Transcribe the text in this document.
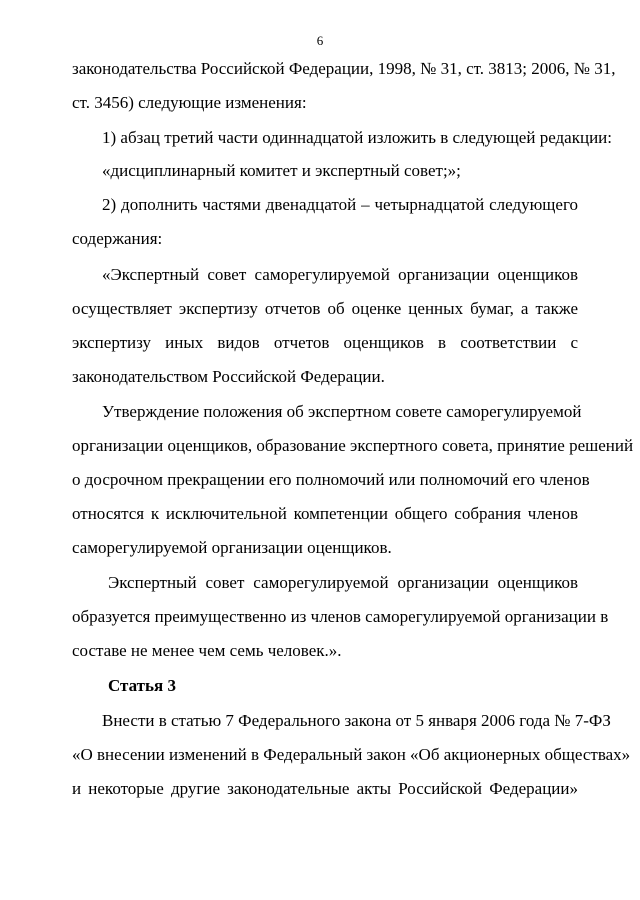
6
законодательства Российской Федерации, 1998, № 31, ст. 3813; 2006, № 31,
ст. 3456) следующие изменения:
1) абзац третий части одиннадцатой изложить в следующей редакции:
«дисциплинарный комитет и экспертный совет;»;
2) дополнить частями двенадцатой – четырнадцатой следующего
содержания:
«Экспертный совет саморегулируемой организации оценщиков
осуществляет экспертизу отчетов об оценке ценных бумаг, а также
экспертизу иных видов отчетов оценщиков в соответствии с
законодательством Российской Федерации.
Утверждение положения об экспертном совете саморегулируемой
организации оценщиков, образование экспертного совета, принятие решений
о досрочном прекращении его полномочий или полномочий его членов
относятся к исключительной компетенции общего собрания членов
саморегулируемой организации оценщиков.
Экспертный совет саморегулируемой организации оценщиков
образуется преимущественно из членов саморегулируемой организации в
составе не менее чем семь человек.».
Статья 3
Внести в статью 7 Федерального закона от 5 января 2006 года № 7-ФЗ
«О внесении изменений в Федеральный закон «Об акционерных обществах»
и некоторые другие законодательные акты Российской Федерации»
